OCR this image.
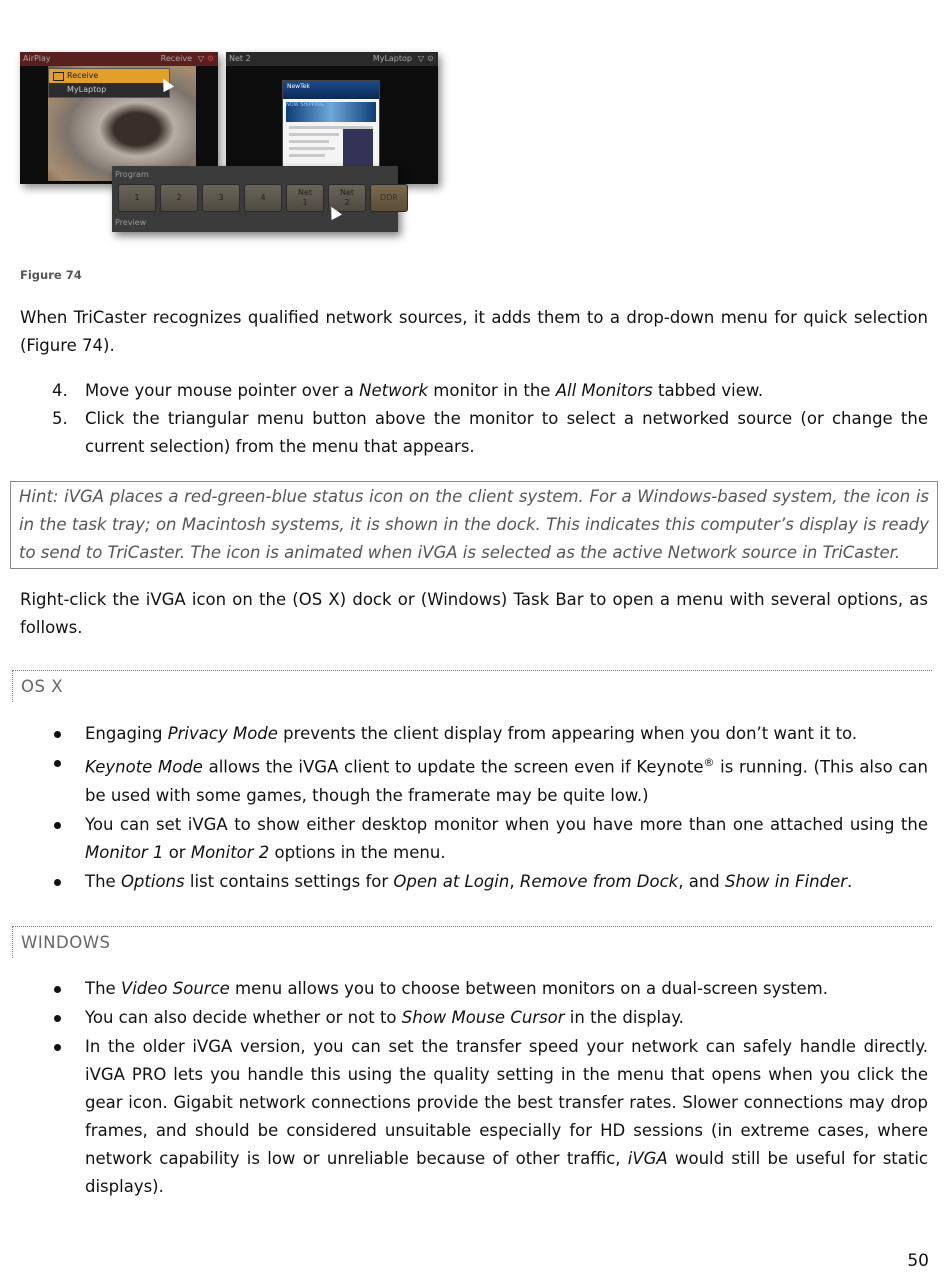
AirPlay	Receive ▽ ⚙
Receive
MyLaptop
Net 2	MyLaptop ▽ ⚙
NewTek
NOW SHIPPING
Program
1	2	3	4
Net
1
Net
2
DDR
Preview
Figure 74
When TriCaster recognizes qualified network sources, it adds them to a drop-down menu for quick selection (Figure 74).
4. Move your mouse pointer over a Network monitor in the All Monitors tabbed view.
5. Click the triangular menu button above the monitor to select a networked source (or change the current selection) from the menu that appears.
Hint: iVGA places a red-green-blue status icon on the client system. For a Windows-based system, the icon is in the task tray; on Macintosh systems, it is shown in the dock. This indicates this computer’s display is ready to send to TriCaster. The icon is animated when iVGA is selected as the active Network source in TriCaster.
Right-click the iVGA icon on the (OS X) dock or (Windows) Task Bar to open a menu with several options, as follows.
OS X
Engaging Privacy Mode prevents the client display from appearing when you don’t want it to.
Keynote Mode allows the iVGA client to update the screen even if Keynote® is running. (This also can be used with some games, though the framerate may be quite low.)
You can set iVGA to show either desktop monitor when you have more than one attached using the Monitor 1 or Monitor 2 options in the menu.
The Options list contains settings for Open at Login, Remove from Dock, and Show in Finder.
WINDOWS
The Video Source menu allows you to choose between monitors on a dual-screen system.
You can also decide whether or not to Show Mouse Cursor in the display.
In the older iVGA version, you can set the transfer speed your network can safely handle directly. iVGA PRO lets you handle this using the quality setting in the menu that opens when you click the gear icon. Gigabit network connections provide the best transfer rates. Slower connections may drop frames, and should be considered unsuitable especially for HD sessions (in extreme cases, where network capability is low or unreliable because of other traffic, iVGA would still be useful for static displays).
50
